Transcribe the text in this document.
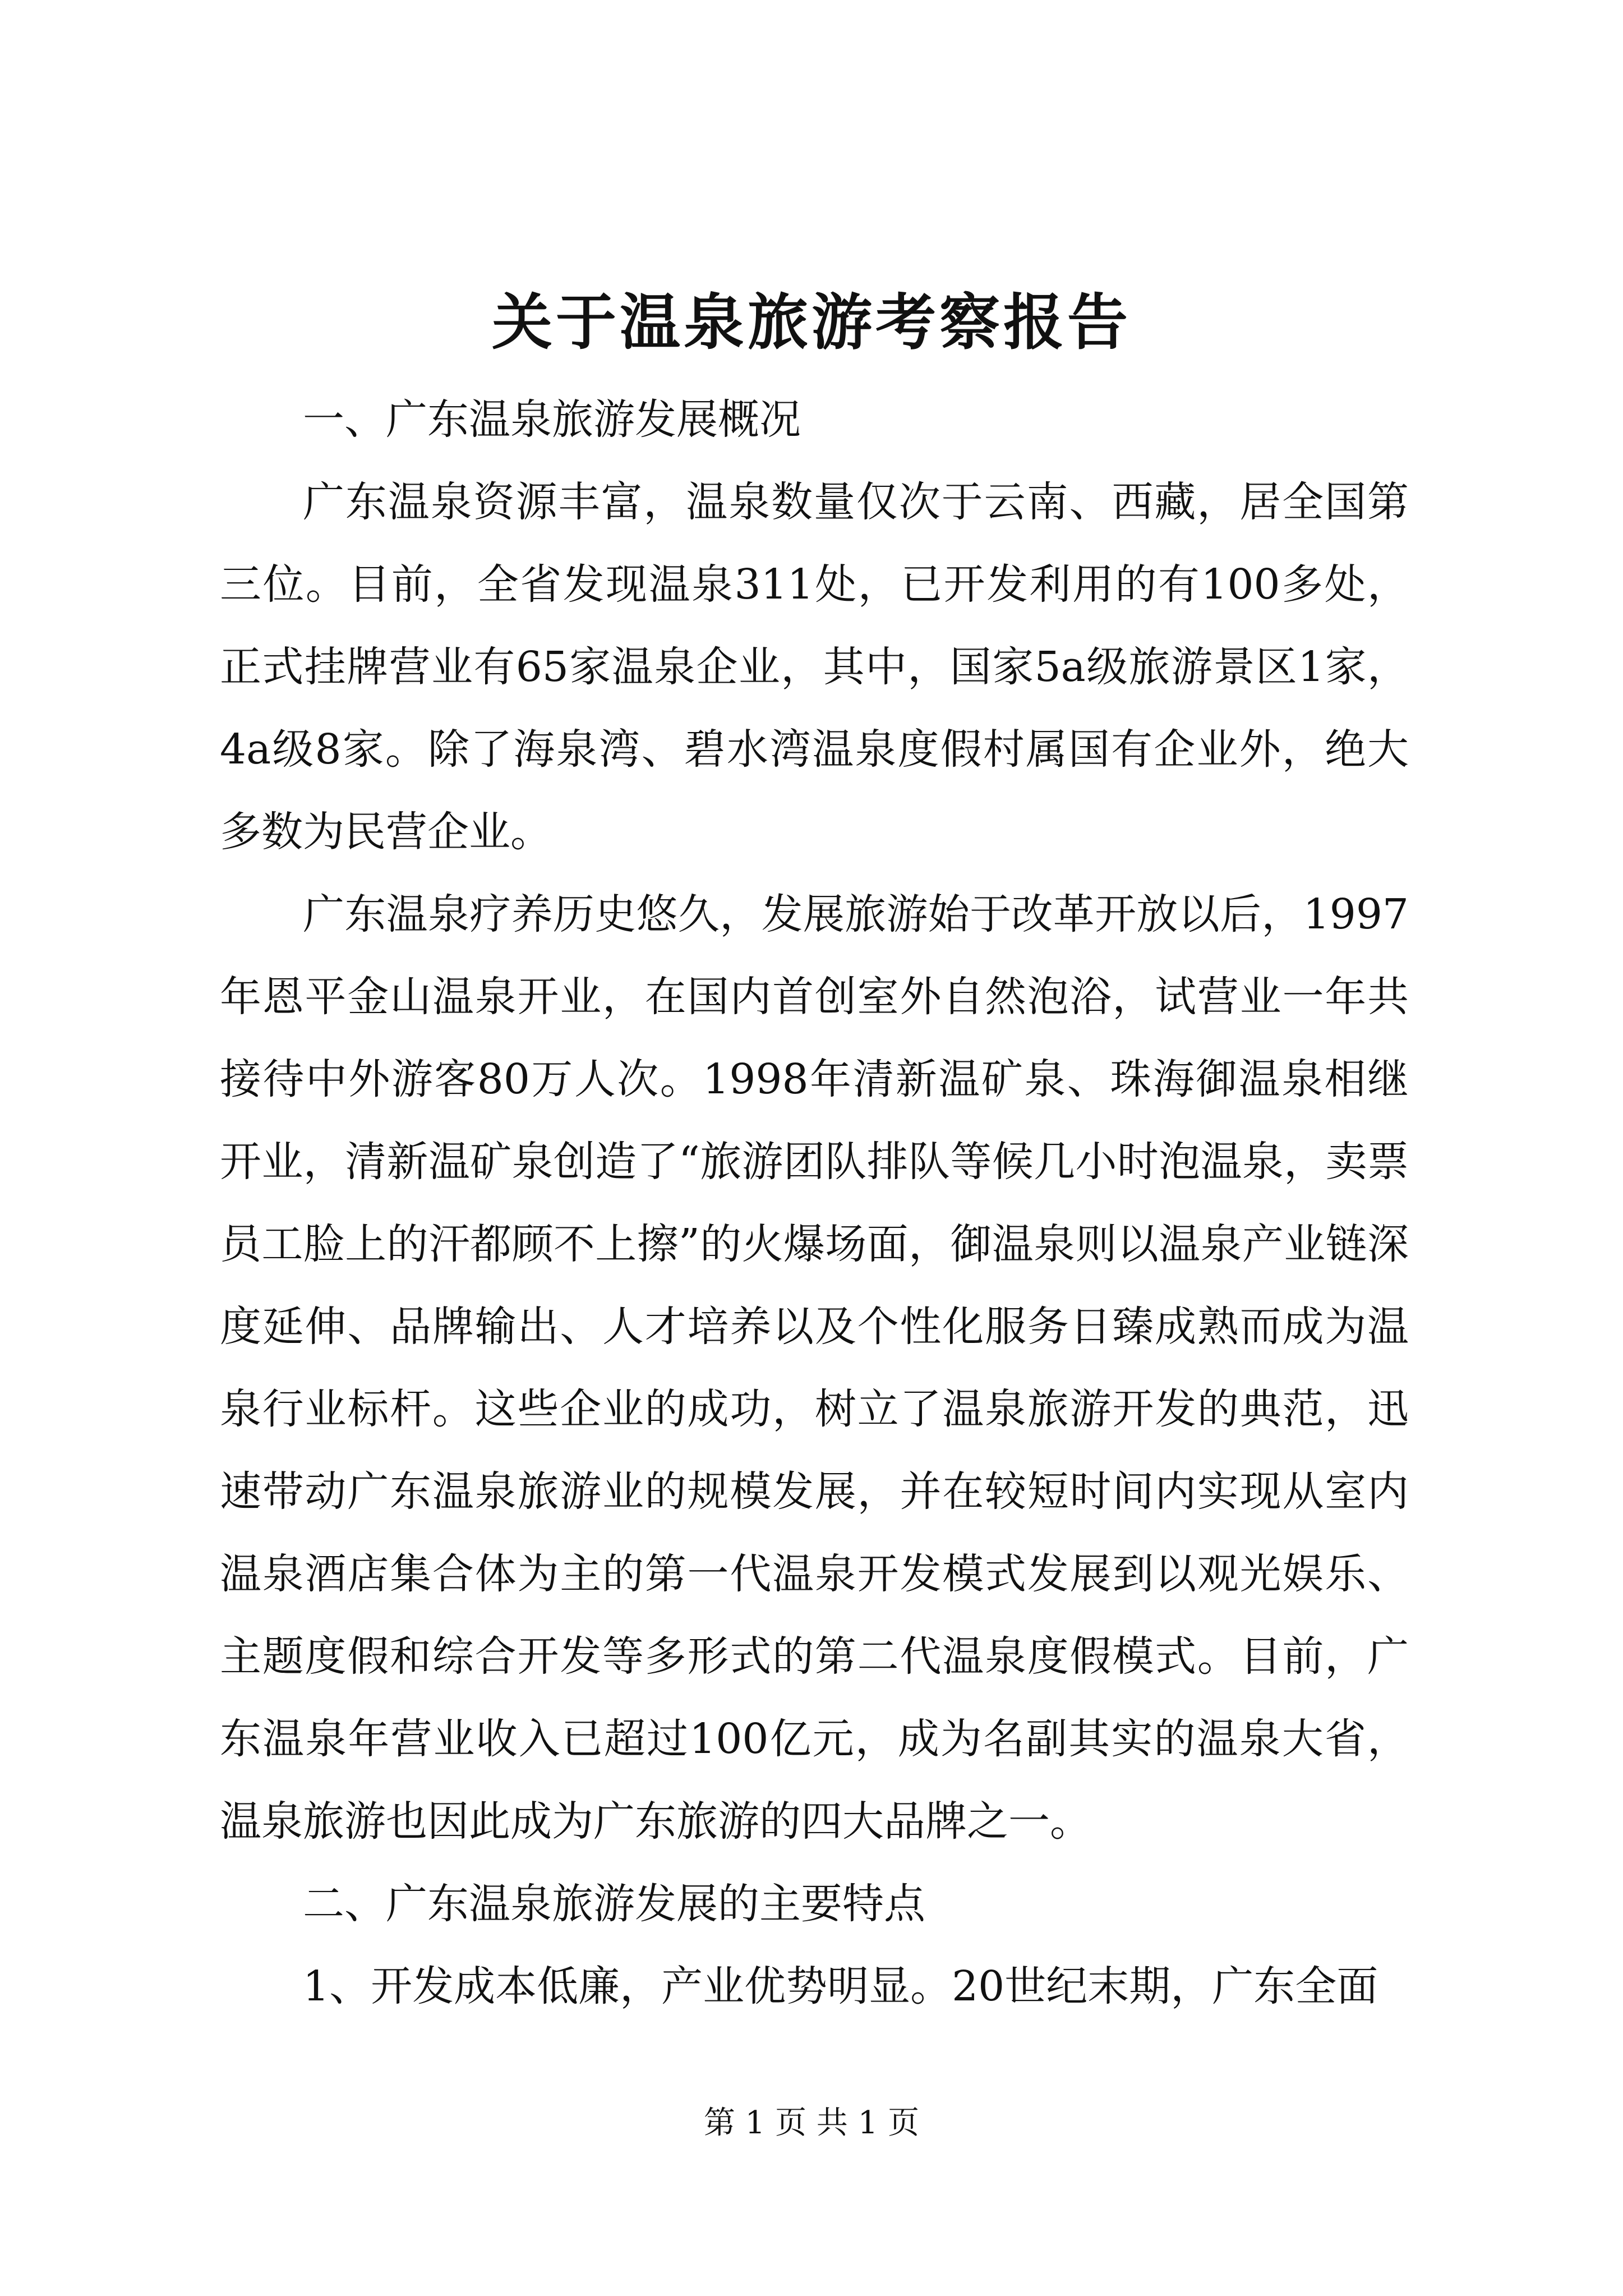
关于温泉旅游考察报告

一、广东温泉旅游发展概况

广东温泉资源丰富，温泉数量仅次于云南、西藏，居全国第三位。目前，全省发现温泉311处，已开发利用的有100多处，正式挂牌营业有65家温泉企业，其中，国家5a级旅游景区1家，4a级8家。除了海泉湾、碧水湾温泉度假村属国有企业外，绝大多数为民营企业。

广东温泉疗养历史悠久，发展旅游始于改革开放以后，1997年恩平金山温泉开业，在国内首创室外自然泡浴，试营业一年共接待中外游客80万人次。1998年清新温矿泉、珠海御温泉相继开业，清新温矿泉创造了“旅游团队排队等候几小时泡温泉，卖票员工脸上的汗都顾不上擦”的火爆场面，御温泉则以温泉产业链深度延伸、品牌输出、人才培养以及个性化服务日臻成熟而成为温泉行业标杆。这些企业的成功，树立了温泉旅游开发的典范，迅速带动广东温泉旅游业的规模发展，并在较短时间内实现从室内温泉酒店集合体为主的第一代温泉开发模式发展到以观光娱乐、主题度假和综合开发等多形式的第二代温泉度假模式。目前，广东温泉年营业收入已超过100亿元，成为名副其实的温泉大省，温泉旅游也因此成为广东旅游的四大品牌之一。

二、广东温泉旅游发展的主要特点

1、开发成本低廉，产业优势明显。20世纪末期，广东全面

第 1 页 共 1 页
